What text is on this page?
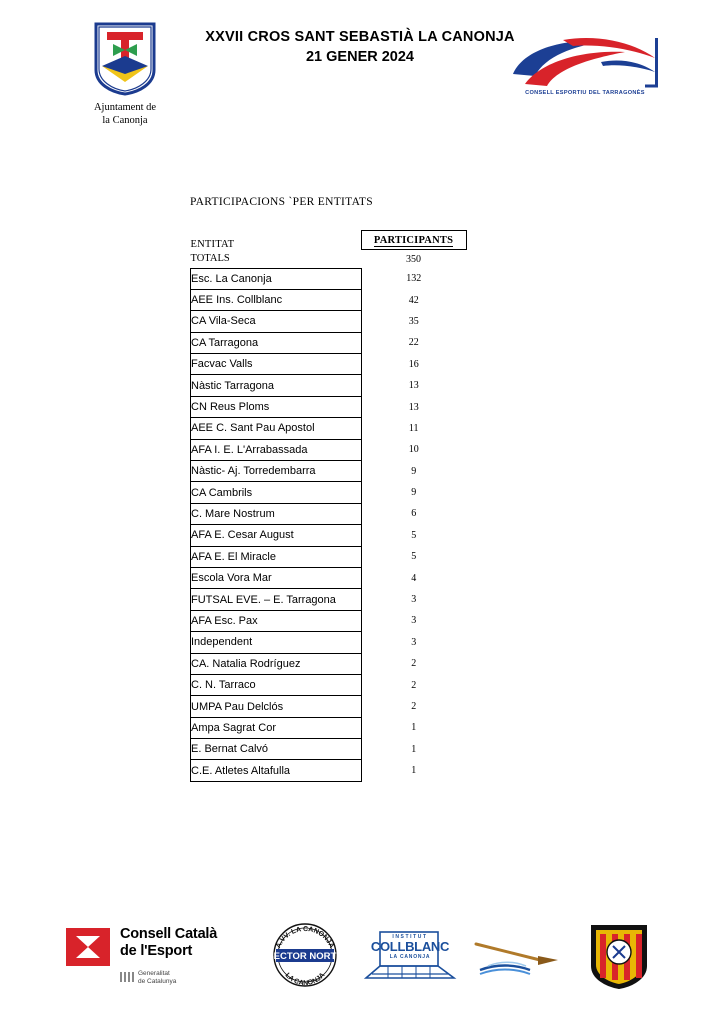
Ajuntament de
la Canonja
XXVII CROS SANT SEBASTIÀ LA CANONJA
21 GENER 2024
CONSELL ESPORTIU DEL TARRAGONÈS
PARTICIPACIONS `PER ENTITATS
ENTITAT	PARTICIPANTS
TOTALS	350
Esc. La Canonja	132
AEE Ins. Collblanc	42
CA Vila-Seca	35
CA Tarragona	22
Facvac Valls	16
Nàstic Tarragona	13
CN Reus Ploms	13
AEE C. Sant Pau Apostol	11
AFA I. E. L'Arrabassada	10
Nàstic- Aj. Torredembarra	9
CA Cambrils	9
C. Mare Nostrum	6
AFA E. Cesar August	5
AFA E. El Miracle	5
Escola Vora Mar	4
FUTSAL EVE. – E. Tarragona	3
AFA Esc. Pax	3
Independent	3
CA. Natalia Rodríguez	2
C. N. Tarraco	2
UMPA Pau Delclós	2
Ampa Sagrat Cor	1
E. Bernat Calvó	1
C.E. Atletes Altafulla	1
Consell Català
de l'Esport
Generalitat
de Catalunya
A.VV. LA CANONJA
SECTOR NORTE
LA CANONJA
INSTITUT
COLLBLANC
LA CANONJA
